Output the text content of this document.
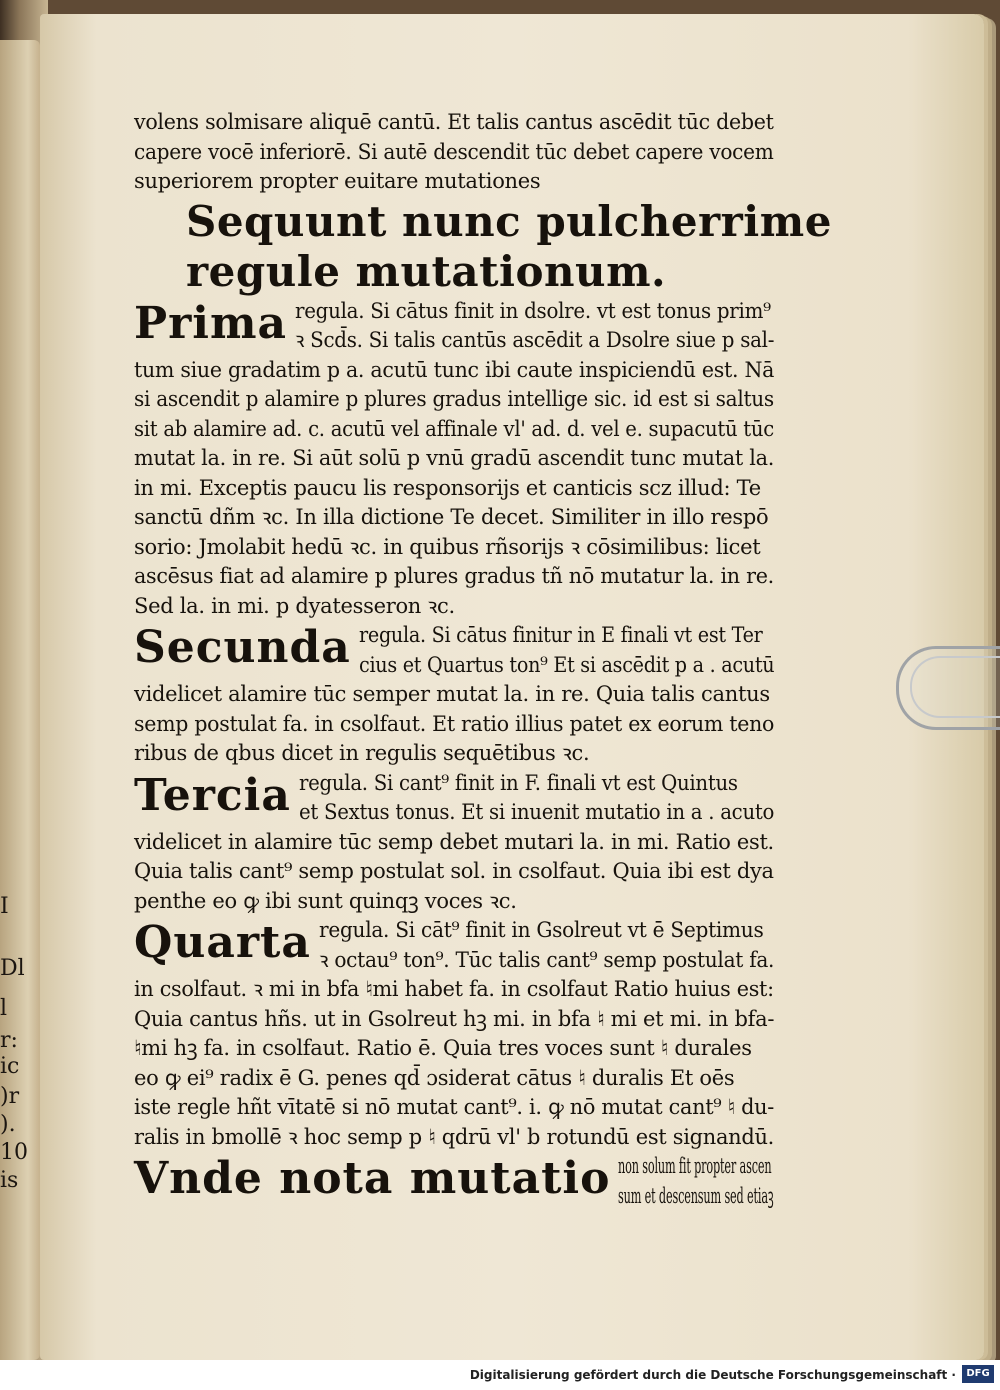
I
Dl
l
r:
ic
)r
).
10
is
volens solmisare aliquē cantū. Et talis cantus ascēdit tūc debet
capere vocē inferiorē. Si autē descendit tūc debet capere vocem
superiorem propter euitare mutationes
Sequunt nunc pulcherrime
regule mutationum.
Prima regula. Si cātus finit in dsolre. vt est tonus prim⁹
ꝛ Scd̄s. Si talis cantūs ascēdit a Dsolre siue p sal-
tum siue gradatim p a. acutū tunc ibi caute inspiciendū est. Nā
si ascendit p alamire p plures gradus intellige sic. id est si saltus
sit ab alamire ad. c. acutū vel affinale vl' ad. d. vel e. supacutū tūc
mutat la. in re. Si aūt solū p vnū gradū ascendit tunc mutat la.
in mi. Exceptis paucu lis responsorijs et canticis scz illud: Te
sanctū dñm ꝛc. In illa dictione Te decet. Similiter in illo respō
sorio: Jmolabit hedū ꝛc. in quibus rñsorijs ꝛ cōsimilibus: licet
ascēsus fiat ad alamire p plures gradus tñ nō mutatur la. in re.
Sed la. in mi. p dyatesseron ꝛc.
Secunda regula. Si cātus finitur in E finali vt est Ter
cius et Quartus ton⁹ Et si ascēdit p a . acutū
videlicet alamire tūc semper mutat la. in re. Quia talis cantus
semp postulat fa. in csolfaut. Et ratio illius patet ex eorum teno
ribus de qbus dicet in regulis sequētibus ꝛc.
Tercia regula. Si cant⁹ finit in F. finali vt est Quintus
et Sextus tonus. Et si inuenit mutatio in a . acuto
videlicet in alamire tūc semp debet mutari la. in mi. Ratio est.
Quia talis cant⁹ semp postulat sol. in csolfaut. Quia ibi est dya
penthe eo ꝙ ibi sunt quinqꝫ voces ꝛc.
Quarta regula. Si cāt⁹ finit in Gsolreut vt ē Septimus
ꝛ octau⁹ ton⁹. Tūc talis cant⁹ semp postulat fa.
in csolfaut. ꝛ mi in bfa ♮mi habet fa. in csolfaut Ratio huius est:
Quia cantus hñs. ut in Gsolreut hꝫ mi. in bfa ♮ mi et mi. in bfa-
♮mi hꝫ fa. in csolfaut. Ratio ē. Quia tres voces sunt ♮ durales
eo ꝙ ei⁹ radix ē G. penes qd̄ ɔsiderat cātus ♮ duralis Et oēs
iste regle hñt vītatē si nō mutat cant⁹. i. ꝙ nō mutat cant⁹ ♮ du-
ralis in bmollē ꝛ hoc semp p ♮ qdrū vl' b rotundū est signandū.
Vnde nota mutatio non solum fit propter ascen
sum et descensum sed etiaꝫ
Digitalisierung gefördert durch die Deutsche Forschungsgemeinschaft ·	DFG
